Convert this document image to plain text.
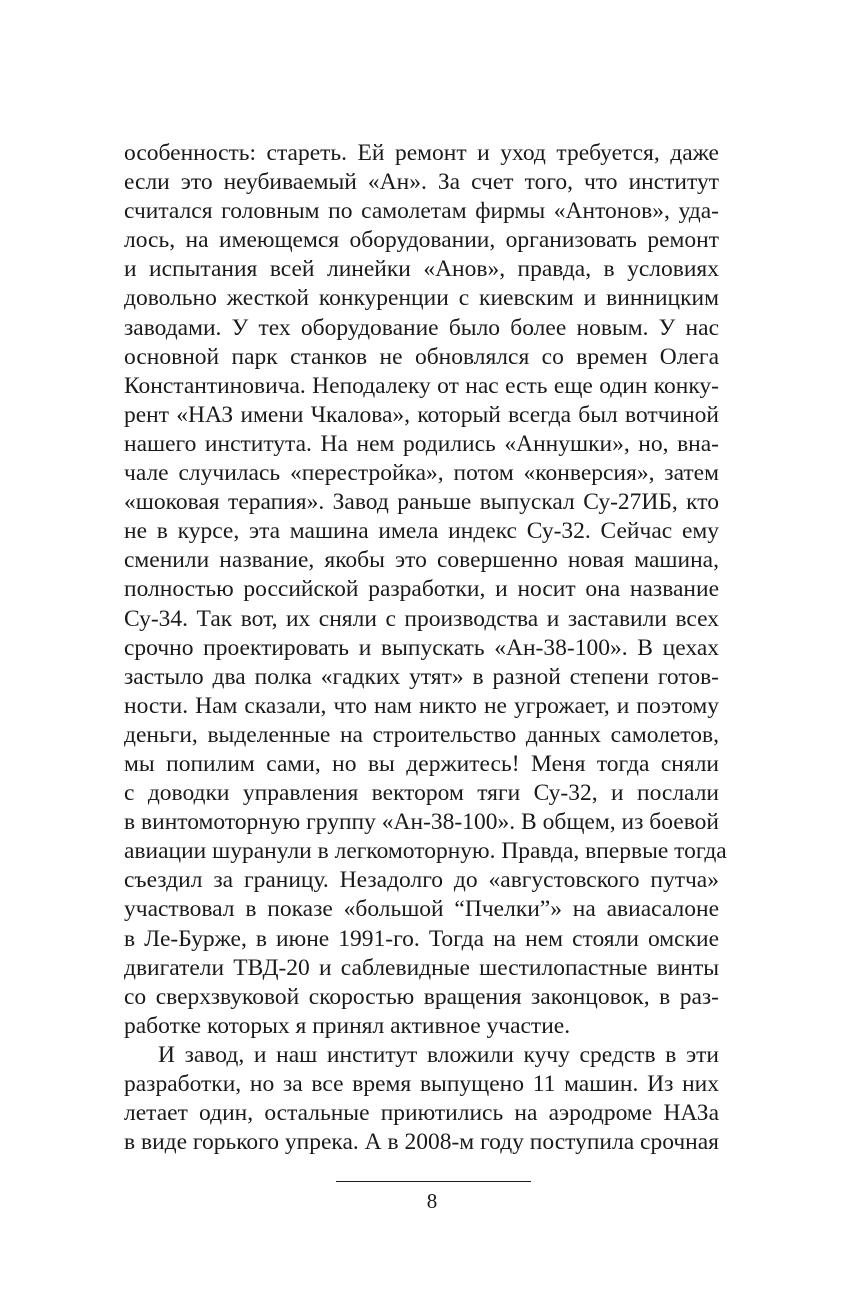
особенность: стареть. Ей ремонт и уход требуется, даже
если это неубиваемый «Ан». За счет того, что институт
считался головным по самолетам фирмы «Антонов», уда-
лось, на имеющемся оборудовании, организовать ремонт
и испытания всей линейки «Анов», правда, в условиях
довольно жесткой конкуренции с киевским и винницким
заводами. У тех оборудование было более новым. У нас
основной парк станков не обновлялся со времен Олега
Константиновича. Неподалеку от нас есть еще один конку-
рент «НАЗ имени Чкалова», который всегда был вотчиной
нашего института. На нем родились «Аннушки», но, вна-
чале случилась «перестройка», потом «конверсия», затем
«шоковая терапия». Завод раньше выпускал Су-27ИБ, кто
не в курсе, эта машина имела индекс Су-32. Сейчас ему
сменили название, якобы это совершенно новая машина,
полностью российской разработки, и носит она название
Су-34. Так вот, их сняли с производства и заставили всех
срочно проектировать и выпускать «Ан-38-100». В цехах
застыло два полка «гадких утят» в разной степени готов-
ности. Нам сказали, что нам никто не угрожает, и поэтому
деньги, выделенные на строительство данных самолетов,
мы попилим сами, но вы держитесь! Меня тогда сняли
с доводки управления вектором тяги Су-32, и послали
в винтомоторную группу «Ан-38-100». В общем, из боевой
авиации шуранули в легкомоторную. Правда, впервые тогда
съездил за границу. Незадолго до «августовского путча»
участвовал в показе «большой “Пчелки”» на авиасалоне
в Ле-Бурже, в июне 1991-го. Тогда на нем стояли омские
двигатели ТВД-20 и саблевидные шестилопастные винты
со сверхзвуковой скоростью вращения законцовок, в раз-
работке которых я принял активное участие.
И завод, и наш институт вложили кучу средств в эти
разработки, но за все время выпущено 11 машин. Из них
летает один, остальные приютились на аэродроме НАЗа
в виде горького упрека. А в 2008-м году поступила срочная
8
